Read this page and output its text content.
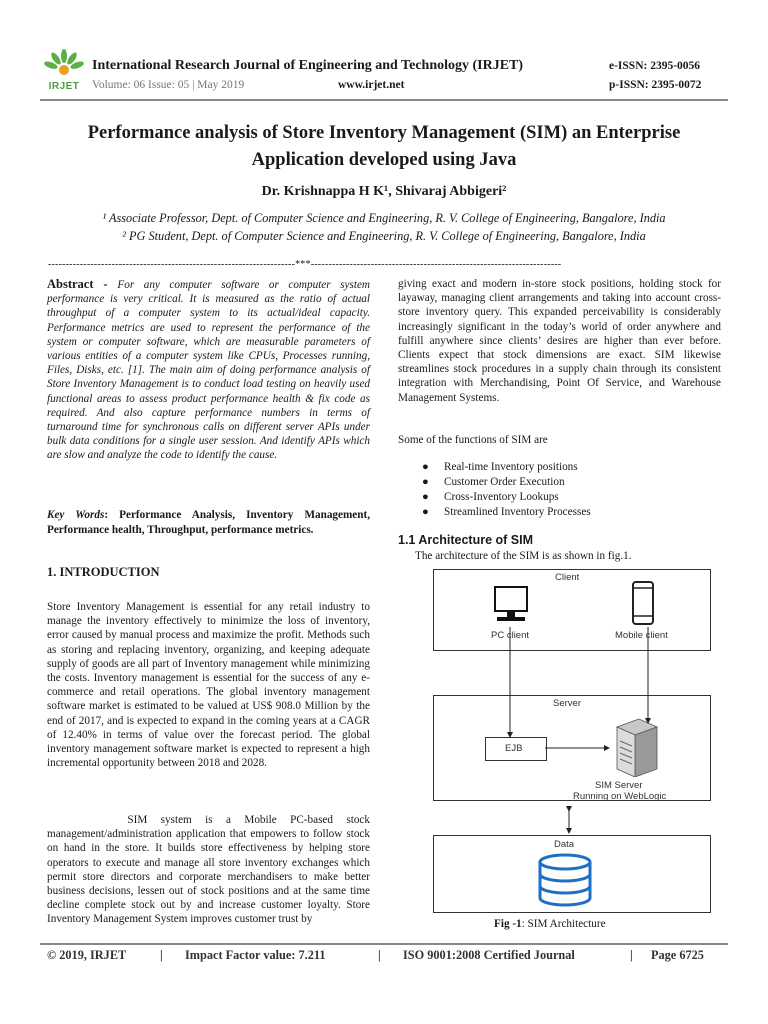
IRJET
International Research Journal of Engineering and Technology (IRJET)
Volume: 06 Issue: 05 | May 2019	www.irjet.net
e-ISSN: 2395-0056
p-ISSN: 2395-0072
Performance analysis of Store Inventory Management (SIM) an Enterprise Application developed using Java
Dr. Krishnappa H K¹, Shivaraj Abbigeri²
¹ Associate Professor, Dept. of Computer Science and Engineering, R. V. College of Engineering, Bangalore, India
² PG Student, Dept. of Computer Science and Engineering, R. V. College of Engineering, Bangalore, India
----------------------------------------------------------------------***-----------------------------------------------------------------------
Abstract - For any computer software or computer system performance is very critical. It is measured as the ratio of actual throughput of a computer system to its actual/ideal capacity. Performance metrics are used to represent the performance of the system or computer software, which are measurable parameters of various entities of a computer system like CPUs, Processes running, Files, Disks, etc. [1]. The main aim of doing performance analysis of Store Inventory Management is to conduct load testing on heavily used functional areas to assess product performance health & fix code as required. And also capture performance numbers in terms of turnaround time for synchronous calls on different server APIs under bulk data conditions for a single user session. And identify APIs which are slow and analyze the code to identify the cause.
Key Words: Performance Analysis, Inventory Management, Performance health, Throughput, performance metrics.
1. INTRODUCTION
Store Inventory Management is essential for any retail industry to manage the inventory effectively to minimize the loss of inventory, error caused by manual process and maximize the profit. Methods such as storing and replacing inventory, organizing, and keeping adequate supply of goods are all part of Inventory management while minimizing the costs. Inventory management is essential for the success of any e-commerce and retail operations. The global inventory management software market is estimated to be valued at US$ 908.0 Million by the end of 2017, and is expected to expand in the coming years at a CAGR of 12.40% in terms of value over the forecast period. The global inventory management software market is expected to represent a high incremental opportunity between 2018 and 2028.

SIM system is a Mobile PC-based stock management/administration application that empowers to follow stock on hand in the store. It builds store effectiveness by helping store operators to execute and manage all store inventory exchanges which permit store directors and corporate merchandisers to make better business decisions, lessen out of stock positions and at the same time decline complete stock out by and increase customer loyalty. Store Inventory Management System improves customer trust by

giving exact and modern in-store stock positions, holding stock for layaway, managing client arrangements and taking into account cross-store inventory query. This expanded perceivability is considerably increasingly significant in the today’s world of order anywhere and fulfill anywhere since clients’ desires are higher than ever before. Clients expect that stock dimensions are exact. SIM likewise streamlines stock procedures in a supply chain through its consistent integration with Merchandising, Point Of Service, and Warehouse Management Systems.
Some of the functions of SIM are
● Real-time Inventory positions
● Customer Order Execution
● Cross-Inventory Lookups
● Streamlined Inventory Processes
1.1 Architecture of SIM
The architecture of the SIM is as shown in fig.1.
Client
PC client	Mobile client
Server
EJB
SIM Server
Running on WebLogic
Data
Fig -1: SIM Architecture
© 2019, IRJET	| Impact Factor value: 7.211	| ISO 9001:2008 Certified Journal	| Page 6725
